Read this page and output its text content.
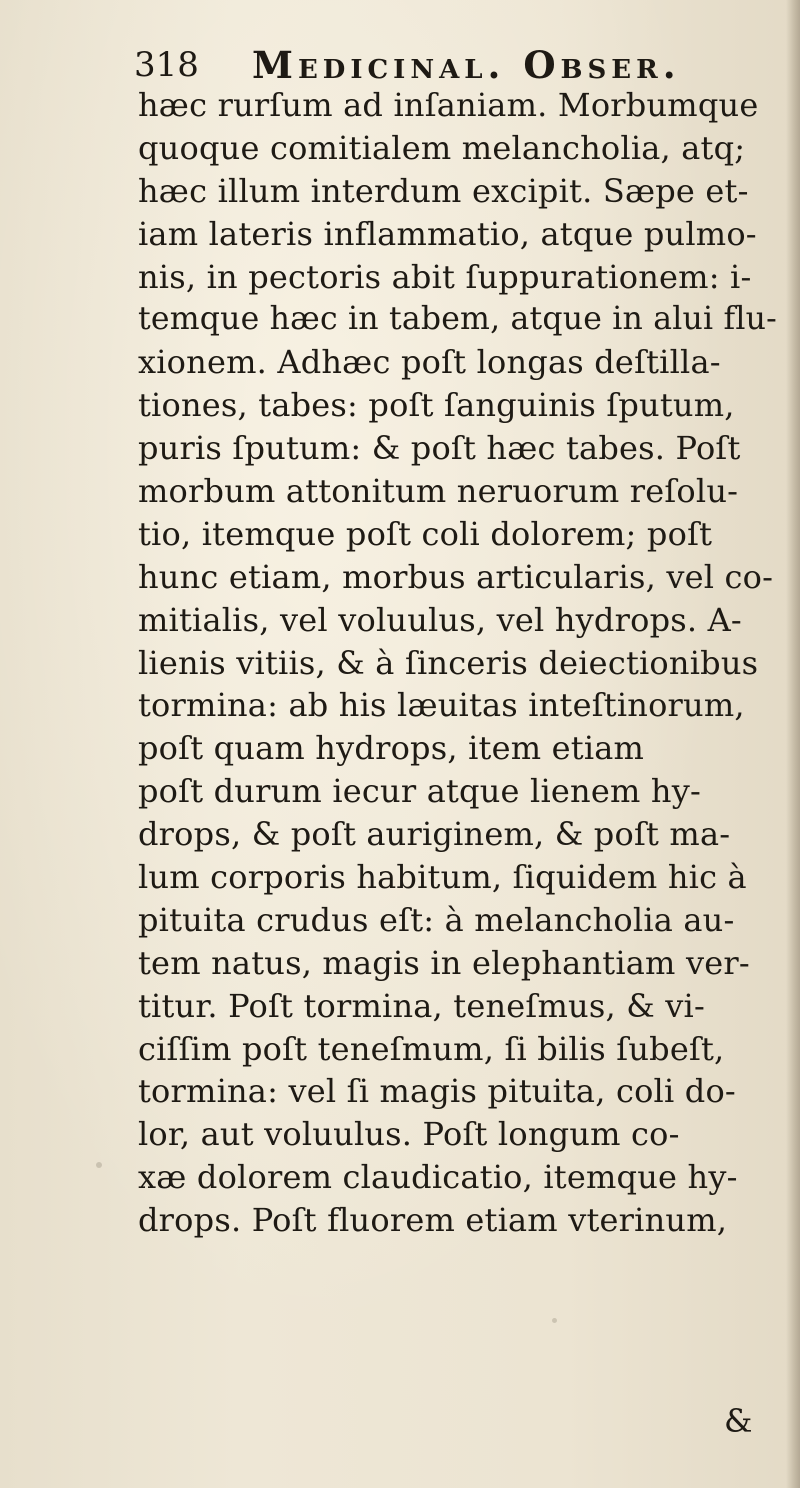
318 Medicinal. Obser.
hæc rurſum ad inſaniam. Morbumque
quoque comitialem melancholia, atq;
hæc illum interdum excipit. Sæpe et-
iam lateris inflammatio, atque pulmo-
nis, in pectoris abit ſuppurationem: i-
temque hæc in tabem, atque in alui flu-
xionem. Adhæc poſt longas deſtilla-
tiones, tabes: poſt ſanguinis ſputum,
puris ſputum: & poſt hæc tabes. Poſt
morbum attonitum neruorum reſolu-
tio, itemque poſt coli dolorem; poſt
hunc etiam, morbus articularis, vel co-
mitialis, vel voluulus, vel hydrops. A-
lienis vitiis, & à ſinceris deiectionibus
tormina: ab his læuitas inteſtinorum,
poſt quam hydrops, item etiam
poſt durum iecur atque lienem hy-
drops, & poſt auriginem, & poſt ma-
lum corporis habitum, ſiquidem hic à
pituita crudus eſt: à melancholia au-
tem natus, magis in elephantiam ver-
titur. Poſt tormina, teneſmus, & vi-
ciſſim poſt teneſmum, ſi bilis ſubeſt,
tormina: vel ſi magis pituita, coli do-
lor, aut voluulus. Poſt longum co-
xæ dolorem claudicatio, itemque hy-
drops. Poſt fluorem etiam vterinum,
&
